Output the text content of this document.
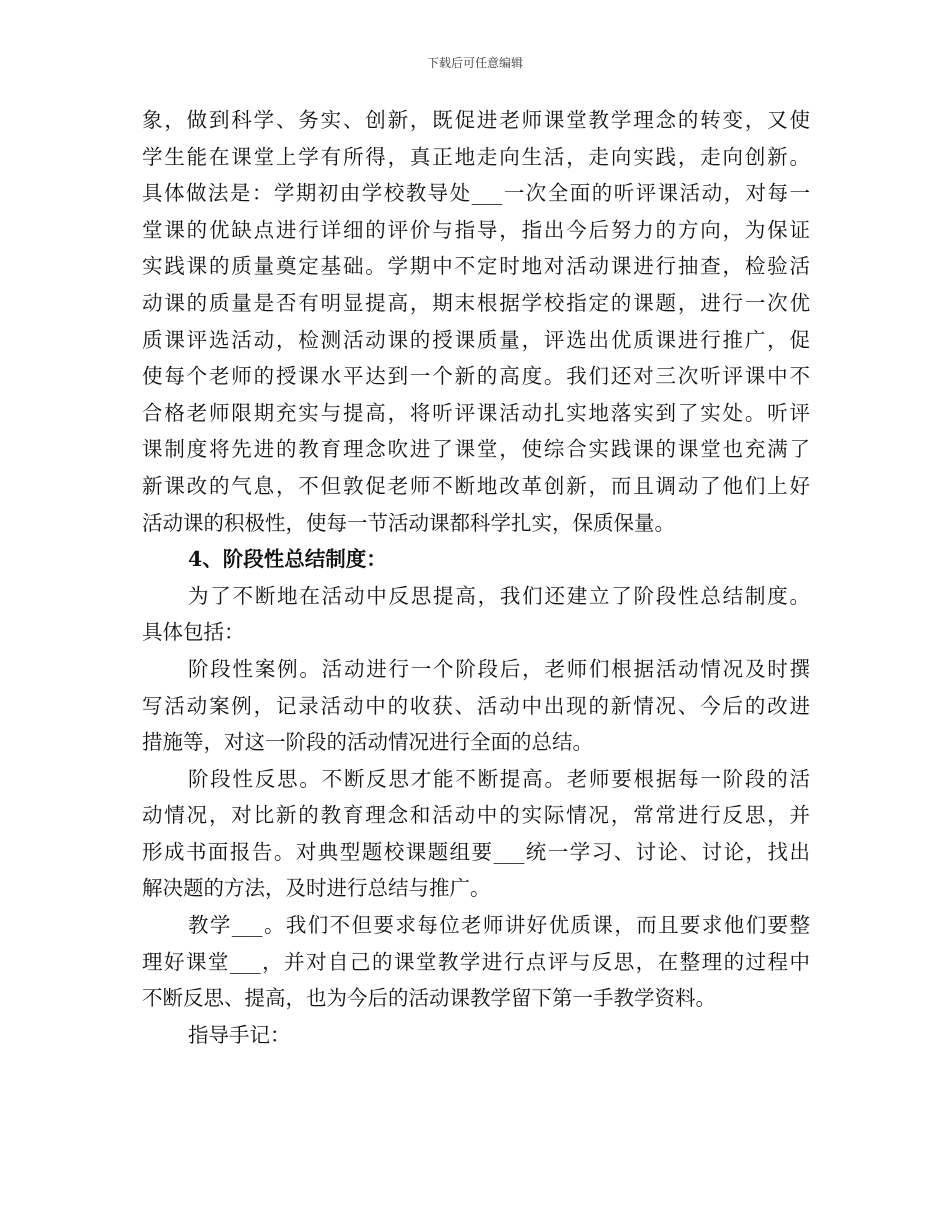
下载后可任意编辑
象，做到科学、务实、创新，既促进老师课堂教学理念的转变，又使
学生能在课堂上学有所得，真正地走向生活，走向实践，走向创新。
具体做法是：学期初由学校教导处___一次全面的听评课活动，对每一
堂课的优缺点进行详细的评价与指导，指出今后努力的方向，为保证
实践课的质量奠定基础。学期中不定时地对活动课进行抽查，检验活
动课的质量是否有明显提高，期末根据学校指定的课题，进行一次优
质课评选活动，检测活动课的授课质量，评选出优质课进行推广，促
使每个老师的授课水平达到一个新的高度。我们还对三次听评课中不
合格老师限期充实与提高，将听评课活动扎实地落实到了实处。听评
课制度将先进的教育理念吹进了课堂，使综合实践课的课堂也充满了
新课改的气息，不但敦促老师不断地改革创新，而且调动了他们上好
活动课的积极性，使每一节活动课都科学扎实，保质保量。
4、阶段性总结制度：
为了不断地在活动中反思提高，我们还建立了阶段性总结制度。
具体包括：
阶段性案例。活动进行一个阶段后，老师们根据活动情况及时撰
写活动案例，记录活动中的收获、活动中出现的新情况、今后的改进
措施等，对这一阶段的活动情况进行全面的总结。
阶段性反思。不断反思才能不断提高。老师要根据每一阶段的活
动情况，对比新的教育理念和活动中的实际情况，常常进行反思，并
形成书面报告。对典型题校课题组要___统一学习、讨论、讨论，找出
解决题的方法，及时进行总结与推广。
教学___。我们不但要求每位老师讲好优质课，而且要求他们要整
理好课堂___，并对自己的课堂教学进行点评与反思，在整理的过程中
不断反思、提高，也为今后的活动课教学留下第一手教学资料。
指导手记：
